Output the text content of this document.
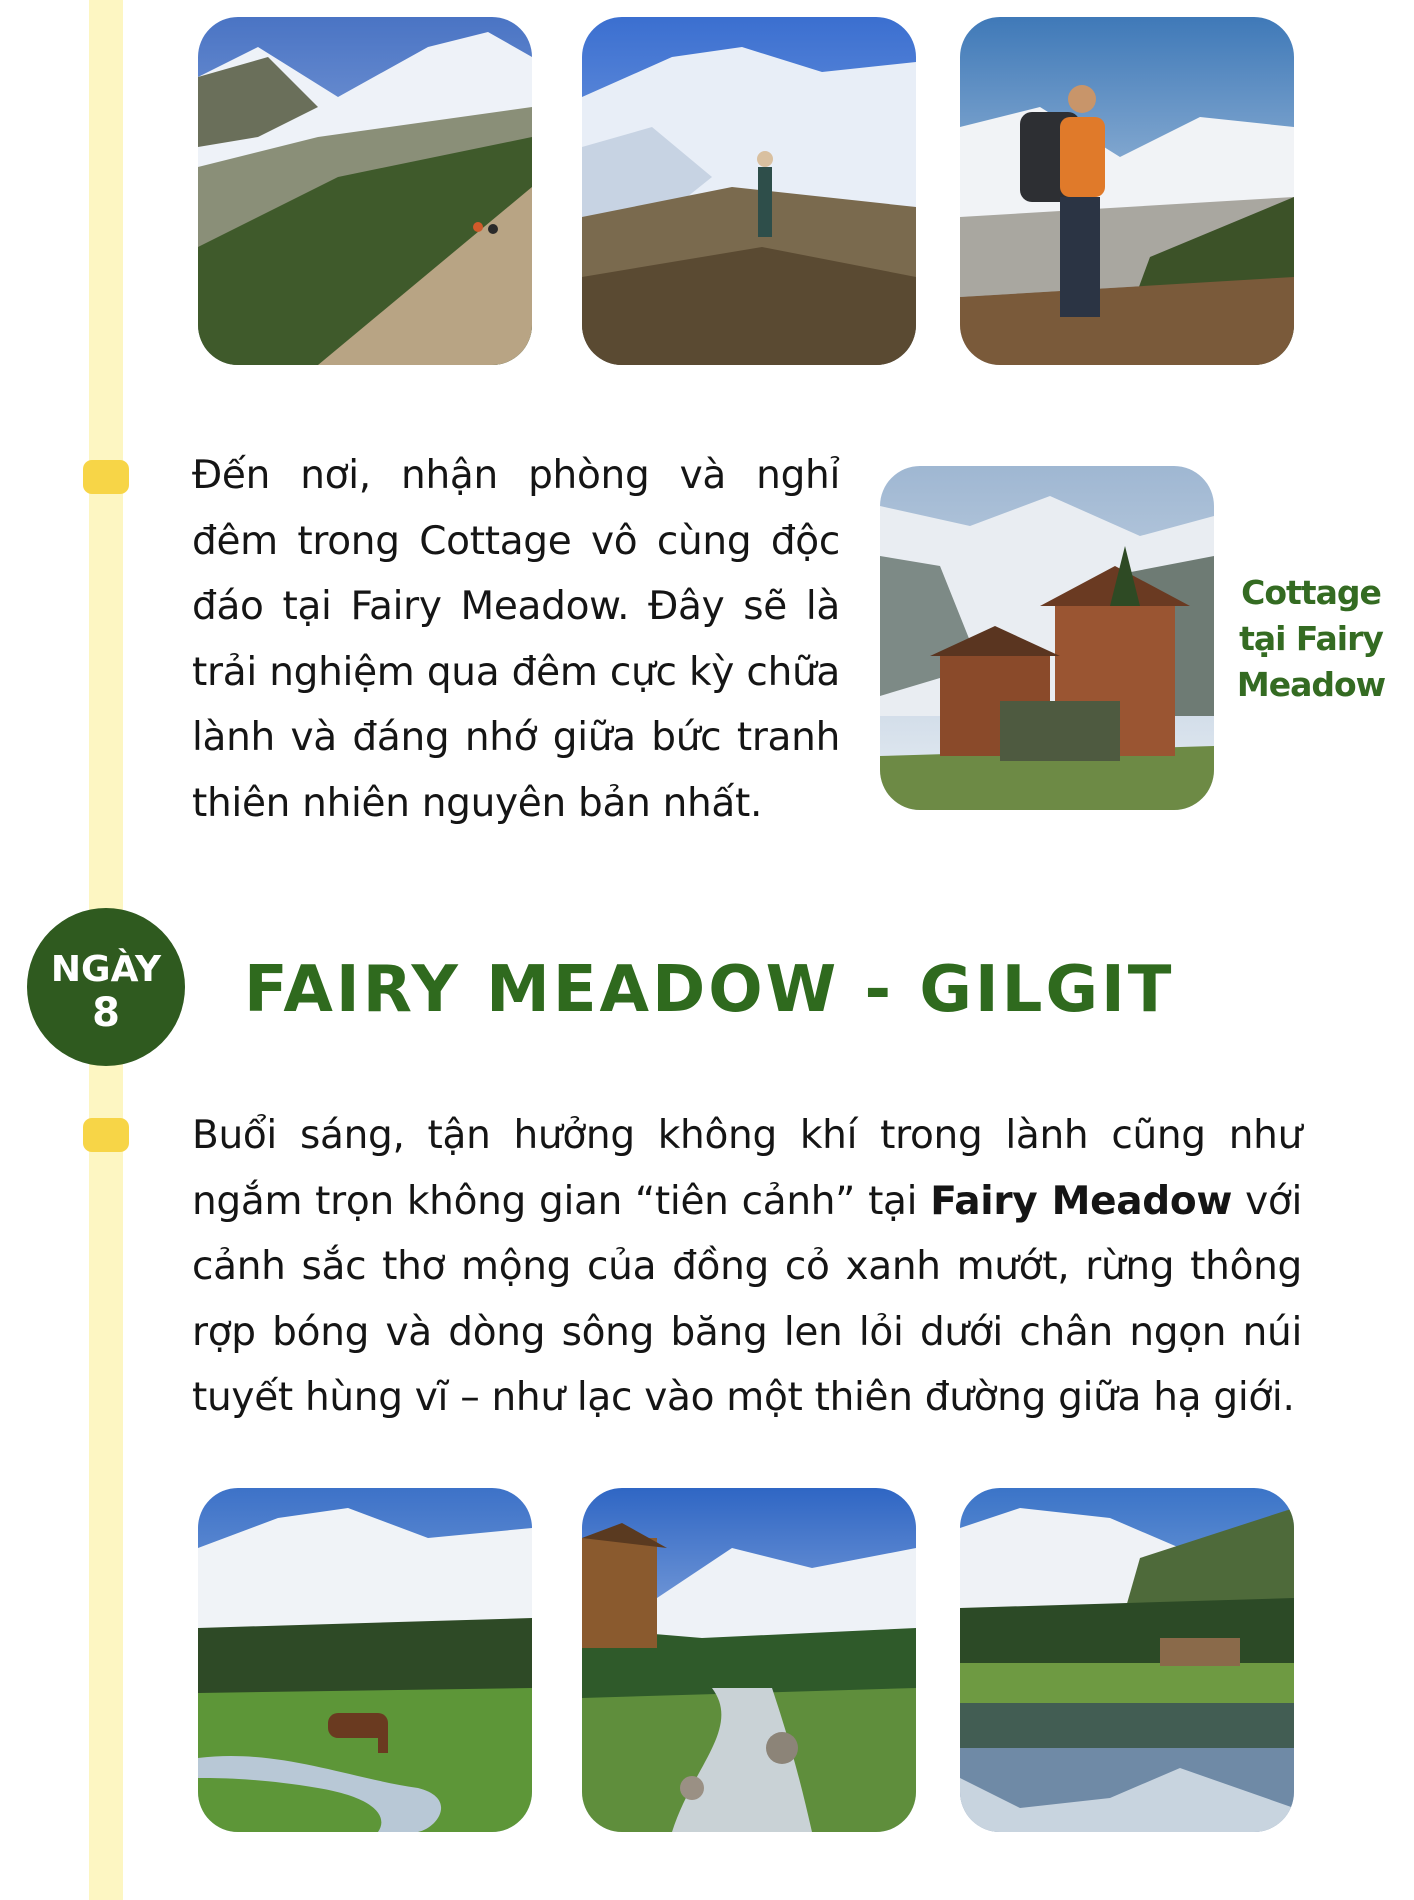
Đến nơi, nhận phòng và nghỉ đêm trong Cottage vô cùng độc đáo tại Fairy Meadow. Đây sẽ là trải nghiệm qua đêm cực kỳ chữa lành và đáng nhớ giữa bức tranh thiên nhiên nguyên bản nhất.

Cottage tại Fairy Meadow

NGÀY
8	FAIRY MEADOW - GILGIT

Buổi sáng, tận hưởng không khí trong lành cũng như ngắm trọn không gian “tiên cảnh” tại Fairy Meadow với cảnh sắc thơ mộng của đồng cỏ xanh mướt, rừng thông rợp bóng và dòng sông băng len lỏi dưới chân ngọn núi tuyết hùng vĩ – như lạc vào một thiên đường giữa hạ giới.
